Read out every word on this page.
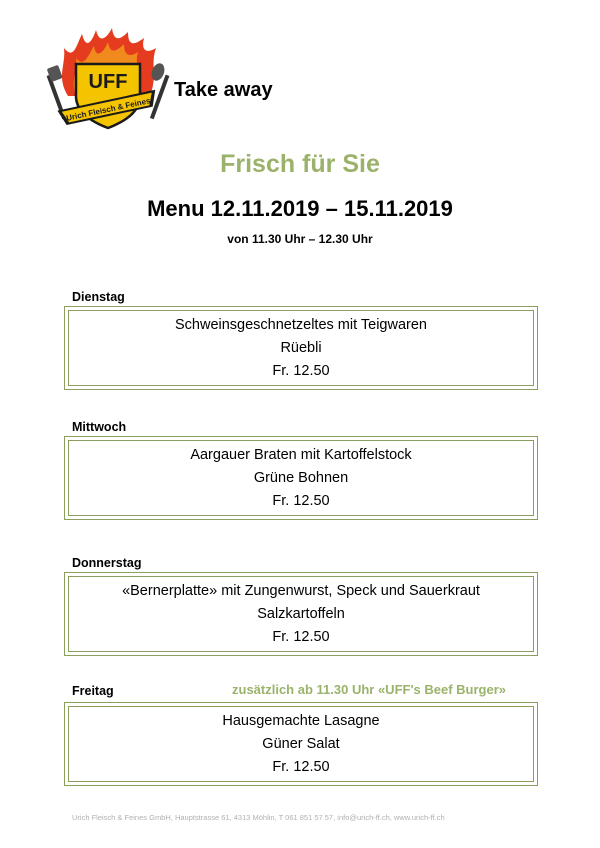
UFF
Urich Fleisch & Feines
Take away
Frisch für Sie
Menu 12.11.2019 – 15.11.2019
von 11.30 Uhr – 12.30 Uhr
Dienstag
Schweinsgeschnetzeltes mit Teigwaren
Rüebli
Fr. 12.50
Mittwoch
Aargauer Braten mit Kartoffelstock
Grüne Bohnen
Fr. 12.50
Donnerstag
«Bernerplatte» mit Zungenwurst, Speck und Sauerkraut
Salzkartoffeln
Fr. 12.50
Freitag	zusätzlich ab 11.30 Uhr «UFF's Beef Burger»
Hausgemachte Lasagne
Güner Salat
Fr. 12.50
Urich Fleisch & Feines GmbH, Hauptstrasse 61, 4313 Möhlin, T 061 851 57 57, info@urich-ff.ch, www.urich-ff.ch
